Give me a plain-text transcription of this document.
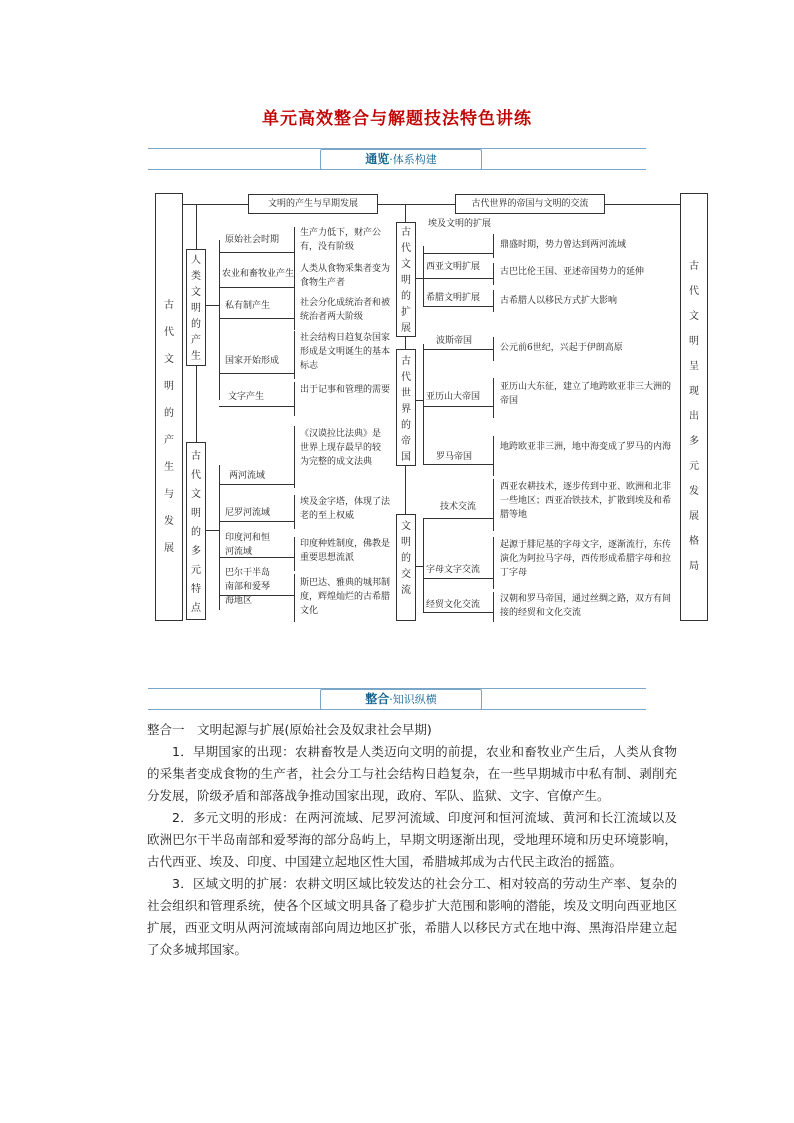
单元高效整合与解题技法特色讲练
通览·体系构建
古代文明的产生与发展
古代文明呈现出多元发展格局
文明的产生与早期发展	古代世界的帝国与文明的交流
人类文明的产生
原始社会时期
农业和畜牧业产生
私有制产生
国家开始形成
文字产生
生产力低下，财产公有，没有阶级
人类从食物采集者变为食物生产者
社会分化成统治者和被统治者两大阶级
社会结构日趋复杂国家形成是文明诞生的基本标志
出于记事和管理的需要
古代文明的多元特点
两河流域
尼罗河流域
印度河和恒河流域
巴尔干半岛南部和爱琴海地区
《汉谟拉比法典》是世界上现存最早的较为完整的成文法典
埃及金字塔，体现了法老的至上权威
印度种姓制度，佛教是重要思想流派
斯巴达、雅典的城邦制度，辉煌灿烂的古希腊文化
古代文明的扩展
埃及文明的扩展
西亚文明扩展
希腊文明扩展
鼎盛时期，势力曾达到两河流域
古巴比伦王国、亚述帝国势力的延伸
古希腊人以移民方式扩大影响
古代世界的帝国
波斯帝国
亚历山大帝国
罗马帝国
公元前6世纪，兴起于伊朗高原
亚历山大东征，建立了地跨欧亚非三大洲的帝国
地跨欧亚非三洲，地中海变成了罗马的内海
文明的交流
技术交流
字母文字交流
经贸文化交流
西亚农耕技术，逐步传到中亚、欧洲和北非一些地区；西亚冶铁技术，扩散到埃及和希腊等地
起源于腓尼基的字母文字，逐渐流行，东传演化为阿拉马字母，西传形成希腊字母和拉丁字母
汉朝和罗马帝国，通过丝绸之路，双方有间接的经贸和文化交流
整合·知识纵横

整合一　文明起源与扩展(原始社会及奴隶社会早期)

1．早期国家的出现：农耕畜牧是人类迈向文明的前提，农业和畜牧业产生后，人类从食物的采集者变成食物的生产者，社会分工与社会结构日趋复杂，在一些早期城市中私有制、剥削充分发展，阶级矛盾和部落战争推动国家出现，政府、军队、监狱、文字、官僚产生。

2．多元文明的形成：在两河流域、尼罗河流域、印度河和恒河流域、黄河和长江流域以及欧洲巴尔干半岛南部和爱琴海的部分岛屿上，早期文明逐渐出现，受地理环境和历史环境影响，古代西亚、埃及、印度、中国建立起地区性大国，希腊城邦成为古代民主政治的摇篮。

3．区域文明的扩展：农耕文明区域比较发达的社会分工、相对较高的劳动生产率、复杂的社会组织和管理系统，使各个区域文明具备了稳步扩大范围和影响的潜能，埃及文明向西亚地区扩展，西亚文明从两河流域南部向周边地区扩张，希腊人以移民方式在地中海、黑海沿岸建立起了众多城邦国家。
